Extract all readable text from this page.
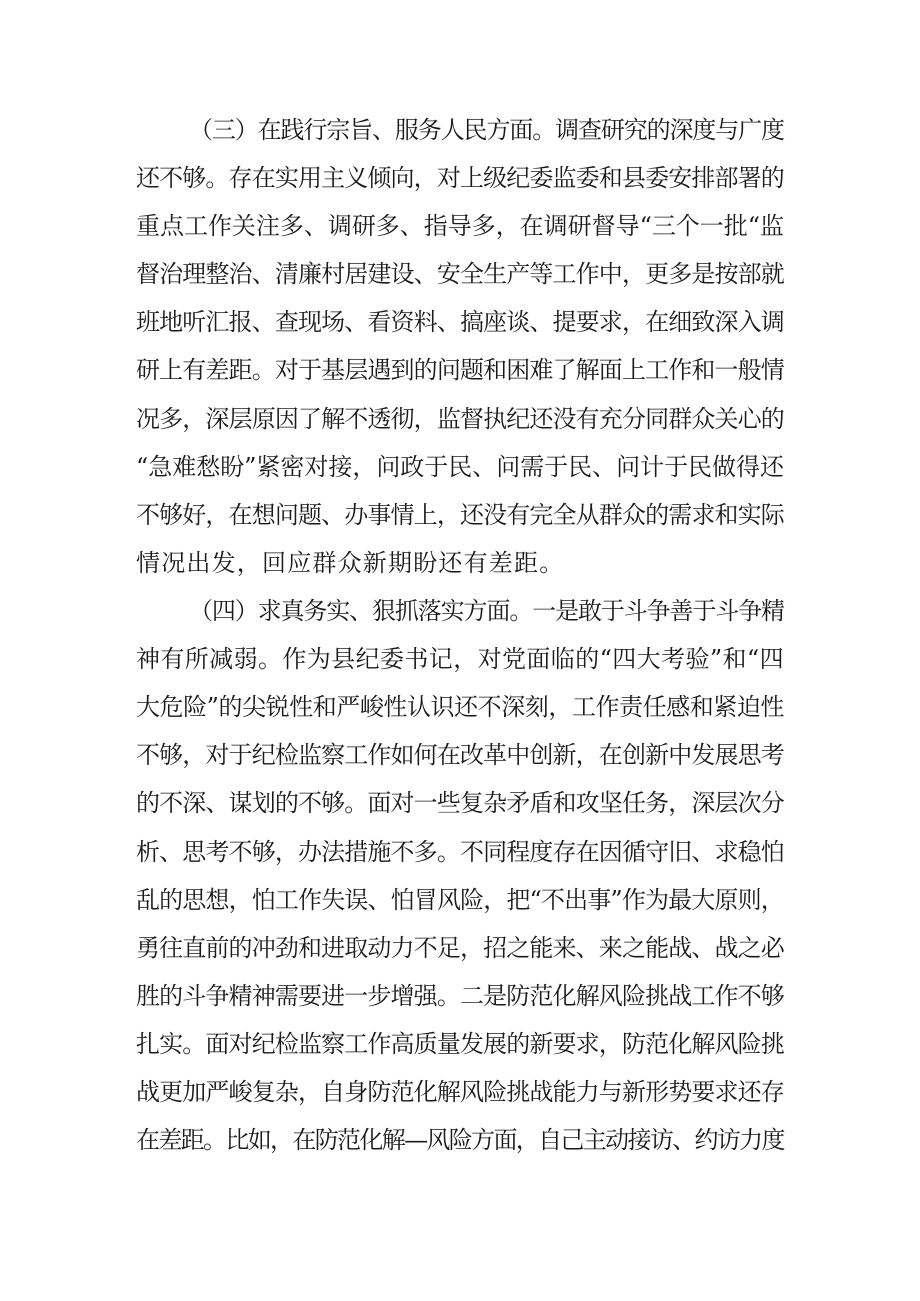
（三）在践行宗旨、服务人民方面。调查研究的深度与广度
还不够。存在实用主义倾向，对上级纪委监委和县委安排部署的
重点工作关注多、调研多、指导多，在调研督导“三个一批“监
督治理整治、清廉村居建设、安全生产等工作中，更多是按部就
班地听汇报、查现场、看资料、搞座谈、提要求，在细致深入调
研上有差距。对于基层遇到的问题和困难了解面上工作和一般情
况多，深层原因了解不透彻，监督执纪还没有充分同群众关心的
“急难愁盼”紧密对接，问政于民、问需于民、问计于民做得还
不够好，在想问题、办事情上，还没有完全从群众的需求和实际
情况出发，回应群众新期盼还有差距。
（四）求真务实、狠抓落实方面。一是敢于斗争善于斗争精
神有所减弱。作为县纪委书记，对党面临的“四大考验”和“四
大危险”的尖锐性和严峻性认识还不深刻，工作责任感和紧迫性
不够，对于纪检监察工作如何在改革中创新，在创新中发展思考
的不深、谋划的不够。面对一些复杂矛盾和攻坚任务，深层次分
析、思考不够，办法措施不多。不同程度存在因循守旧、求稳怕
乱的思想，怕工作失误、怕冒风险，把“不出事”作为最大原则，
勇往直前的冲劲和进取动力不足，招之能来、来之能战、战之必
胜的斗争精神需要进一步增强。二是防范化解风险挑战工作不够
扎实。面对纪检监察工作高质量发展的新要求，防范化解风险挑
战更加严峻复杂，自身防范化解风险挑战能力与新形势要求还存
在差距。比如，在防范化解—风险方面，自己主动接访、约访力度
